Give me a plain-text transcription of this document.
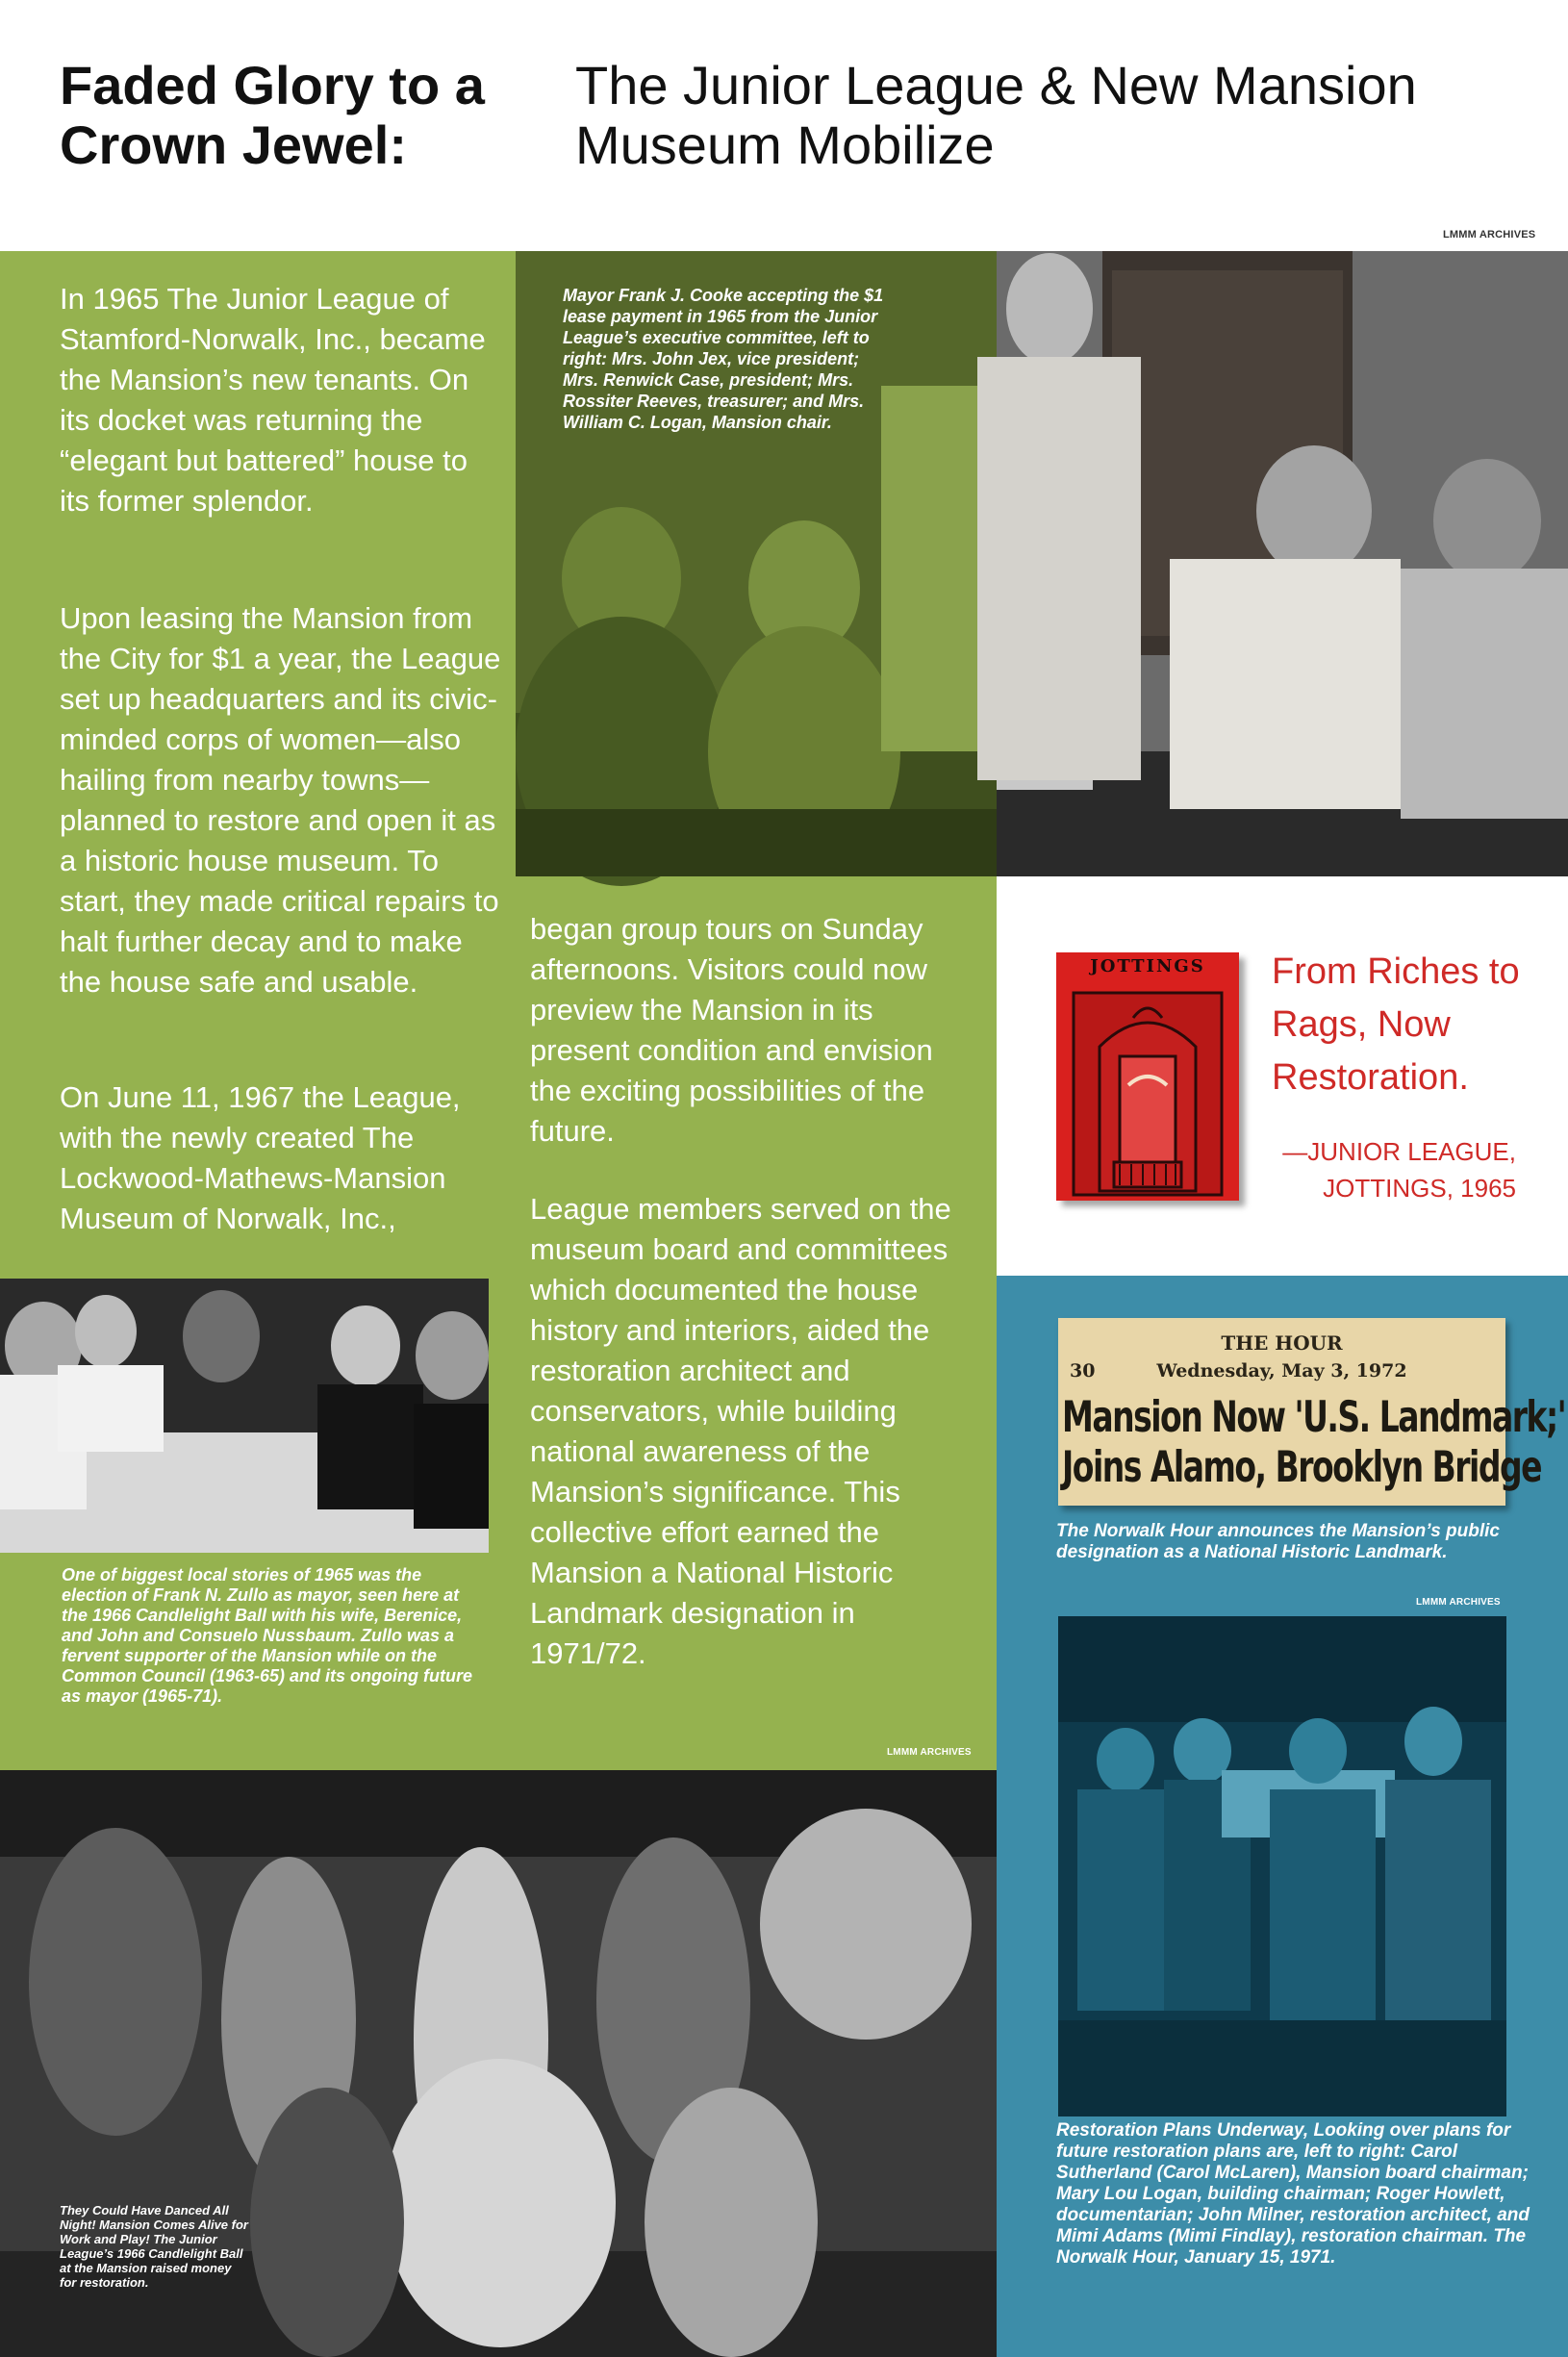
Faded Glory to a Crown Jewel:
The Junior League & New Mansion Museum Mobilize
LMMM ARCHIVES
Mayor Frank J. Cooke accepting the $1 lease payment in 1965 from the Junior League’s executive committee, left to right: Mrs. John Jex, vice president; Mrs. Renwick Case, president; Mrs. Rossiter Reeves, treasurer; and Mrs. William C. Logan, Mansion chair.
In 1965 The Junior League of Stamford-Norwalk, Inc., became the Mansion’s new tenants. On its docket was returning the “elegant but battered” house to its former splendor.
Upon leasing the Mansion from the City for $1 a year, the League set up headquarters and its civic-minded corps of women—also hailing from nearby towns—planned to restore and open it as a historic house museum. To start, they made critical repairs to halt further decay and to make the house safe and usable.
On June 11, 1967 the League, with the newly created The Lockwood-Mathews-Mansion Museum of Norwalk, Inc.,
began group tours on Sunday afternoons. Visitors could now preview the Mansion in its present condition and envision the exciting possibilities of the future.
League members served on the museum board and committees which documented the house history and interiors, aided the restoration architect and conservators, while building national awareness of the Mansion’s significance. This collective effort earned the Mansion a National Historic Landmark designation in 1971/72.
One of biggest local stories of 1965 was the election of Frank N. Zullo as mayor, seen here at the 1966 Candlelight Ball with his wife, Berenice, and John and Consuelo Nussbaum. Zullo was a fervent supporter of the Mansion while on the Common Council (1963-65) and its ongoing future as mayor (1965-71).
LMMM ARCHIVES
They Could Have Danced All Night! Mansion Comes Alive for Work and Play! The Junior League’s 1966 Candlelight Ball at the Mansion raised money for restoration.
JOTTINGS	From Riches to Rags, Now Restoration.
—JUNIOR LEAGUE,
JOTTINGS, 1965
THE HOUR
30	Wednesday, May 3, 1972
Mansion Now 'U.S. Landmark;'
Joins Alamo, Brooklyn Bridge
The Norwalk Hour announces the Mansion’s public designation as a National Historic Landmark.
LMMM ARCHIVES
Restoration Plans Underway, Looking over plans for future restoration plans are, left to right: Carol Sutherland (Carol McLaren), Mansion board chairman; Mary Lou Logan, building chairman; Roger Howlett, documentarian; John Milner, restoration architect, and Mimi Adams (Mimi Findlay), restoration chairman. The Norwalk Hour, January 15, 1971.
